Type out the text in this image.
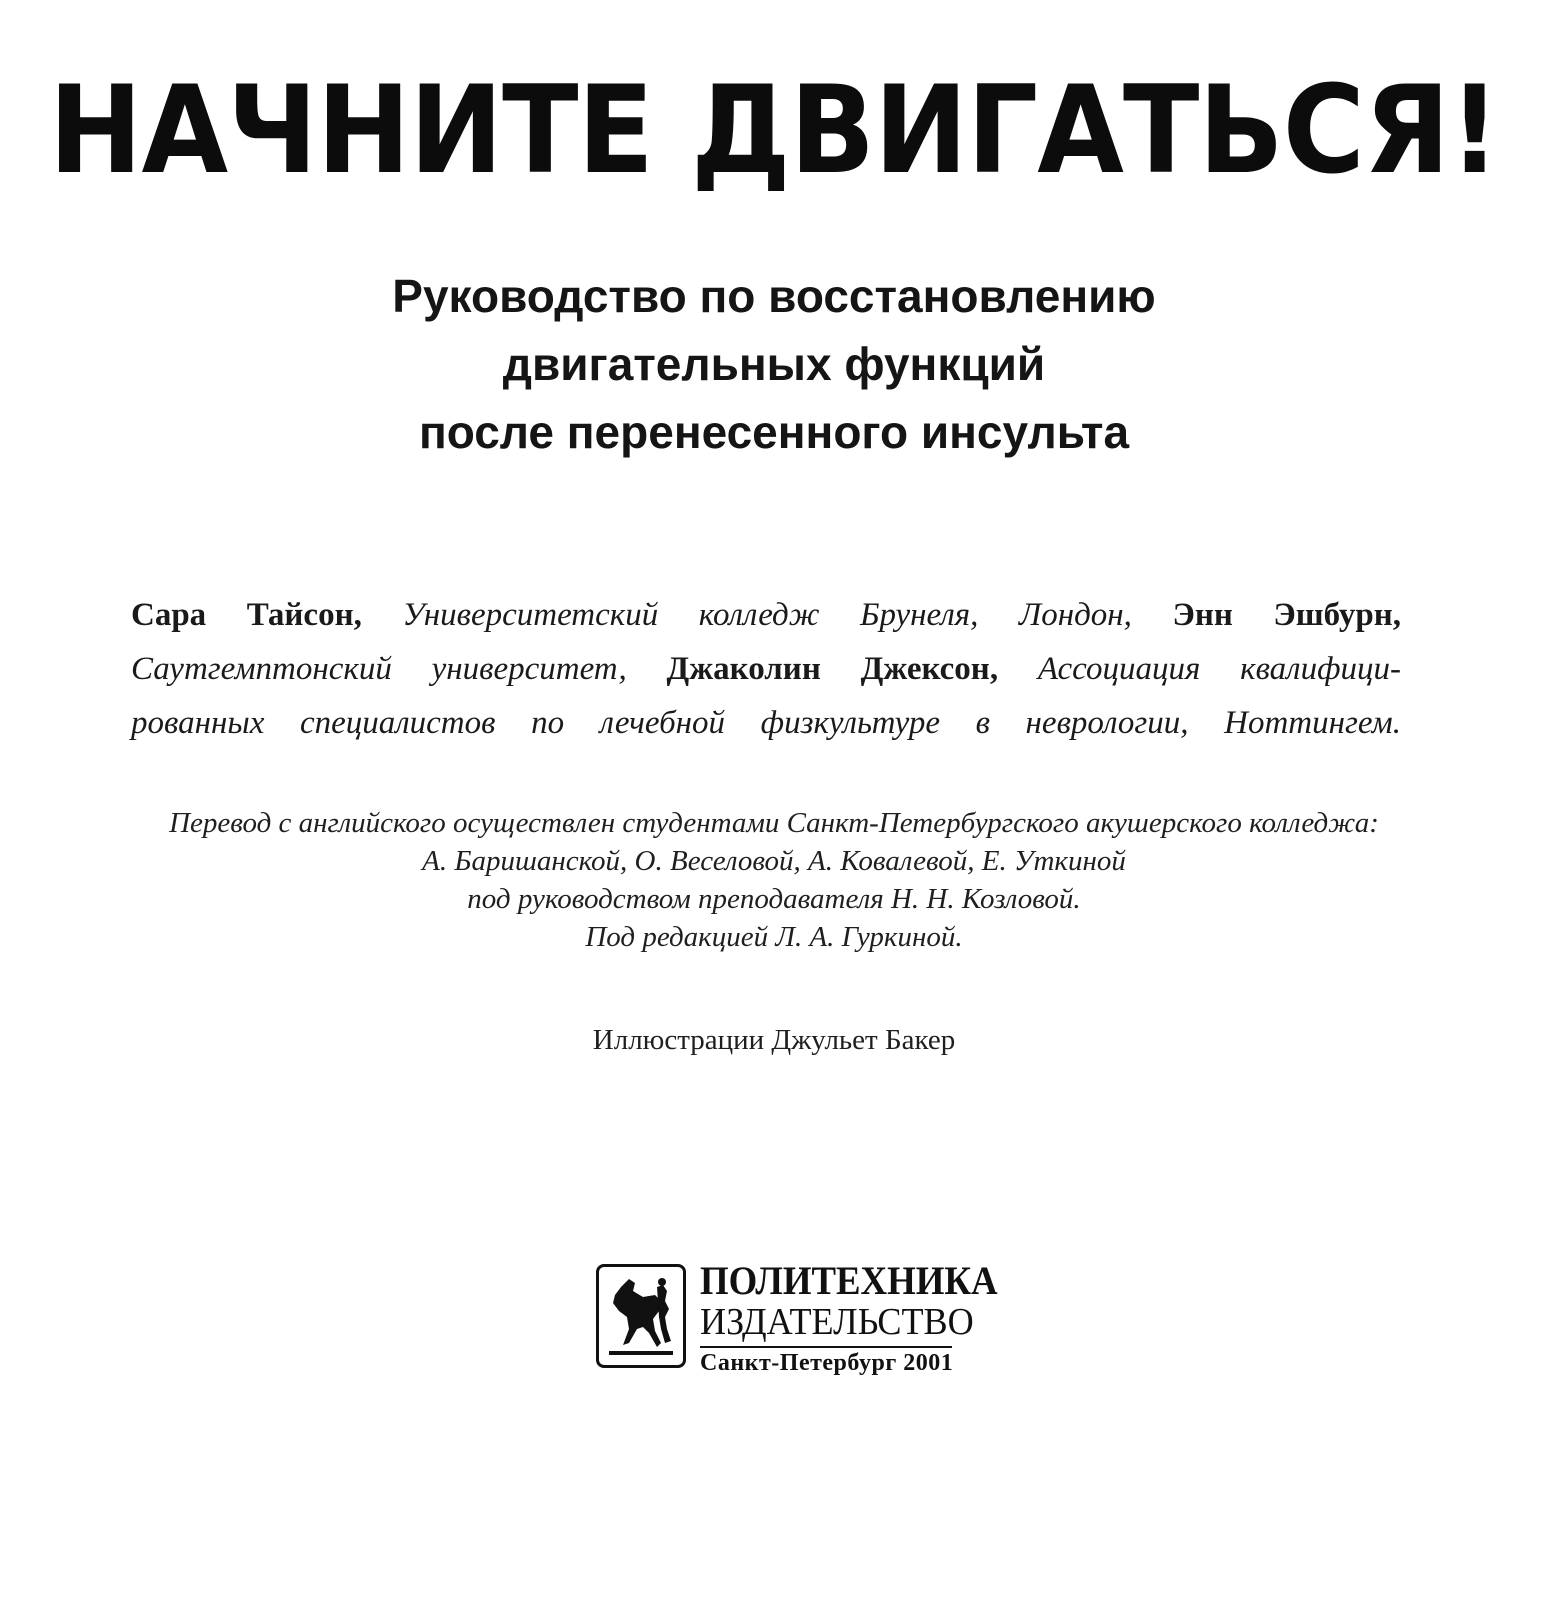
НАЧНИТЕ ДВИГАТЬСЯ!
Руководство по восстановлению
двигательных функций
после перенесенного инсульта
Сара Тайсон, Университетский колледж Брунеля, Лондон, Энн Эшбурн,
Саутгемптонский университет, Джаколин Джексон, Ассоциация квалифици-
рованных специалистов по лечебной физкультуре в неврологии, Ноттингем.
Перевод с английского осуществлен студентами Санкт-Петербургского акушерского колледжа:
А. Баришанской, О. Веселовой, А. Ковалевой, Е. Уткиной
под руководством преподавателя Н. Н. Козловой.
Под редакцией Л. А. Гуркиной.

Иллюстрации Джульет Бакер

ПОЛИТЕХНИКА
ИЗДАТЕЛЬСТВО
Санкт-Петербург 2001
